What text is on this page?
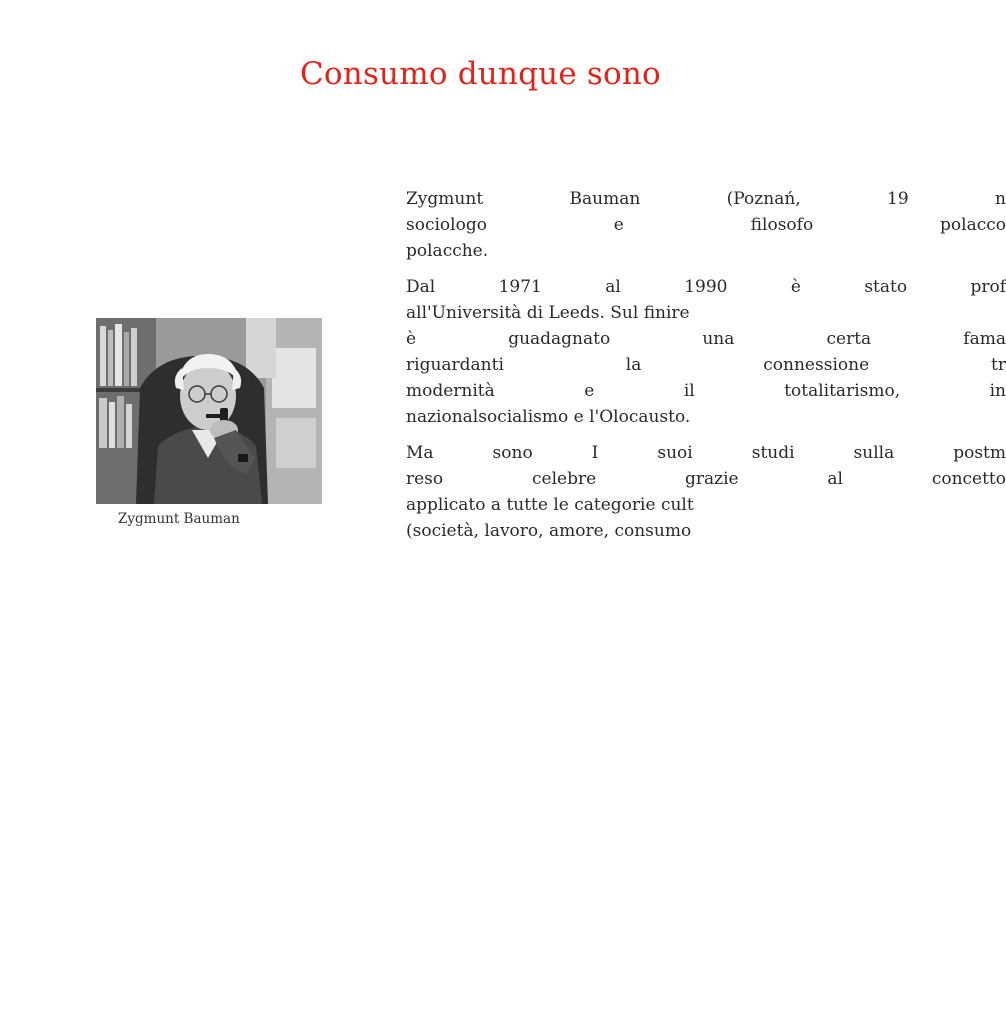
Consumo dunque sono
Zygmunt Bauman

Zygmunt Bauman (Poznań, 19 n
sociologo e filosofo polacco
polacche.

Dal 1971 al 1990 è stato prof
all'Università di Leeds. Sul finire
è guadagnato una certa fama
riguardanti la connessione tr
modernità e il totalitarismo, in
nazionalsocialismo e l'Olocausto.

Ma sono I suoi studi sulla postm
reso celebre grazie al concetto
applicato a tutte le categorie cult
(società, lavoro, amore, consumo
